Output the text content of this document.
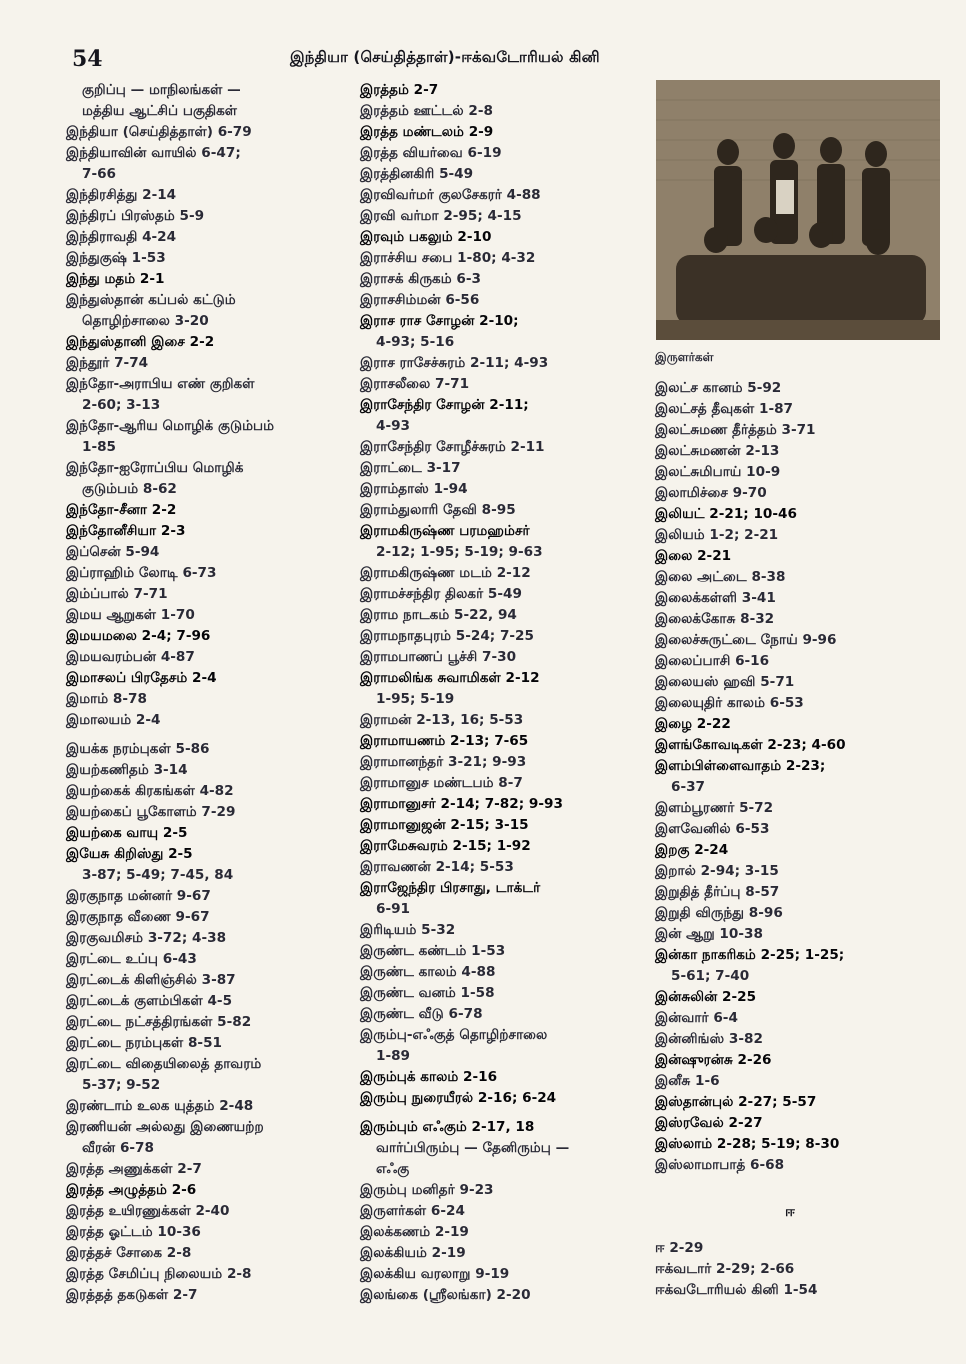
54	இந்தியா (செய்தித்தாள்)-ஈக்வடோரியல் கினி
குறிப்பு — மாநிலங்கள் —
மத்திய ஆட்சிப் பகுதிகள்
இந்தியா (செய்தித்தாள்) 6-79
இந்தியாவின் வாயில் 6-47;
7-66
இந்திரசித்து 2-14
இந்திரப் பிரஸ்தம் 5-9
இந்திராவதி 4-24
இந்துகுஷ் 1-53
இந்து மதம் 2-1
இந்துஸ்தான் கப்பல் கட்டும்
தொழிற்சாலை 3-20
இந்துஸ்தானி இசை 2-2
இந்தூர் 7-74
இந்தோ-அராபிய எண் குறிகள்
2-60; 3-13
இந்தோ-ஆரிய மொழிக் குடும்பம்
1-85
இந்தோ-ஐரோப்பிய மொழிக்
குடும்பம் 8-62
இந்தோ-சீனா 2-2
இந்தோனீசியா 2-3
இப்சென் 5-94
இப்ராஹிம் லோடி 6-73
இம்ப்பால் 7-71
இமய ஆறுகள் 1-70
இமயமலை 2-4; 7-96
இமயவரம்பன் 4-87
இமாசலப் பிரதேசம் 2-4
இமாம் 8-78
இமாலயம் 2-4
இயக்க நரம்புகள் 5-86
இயற்கணிதம் 3-14
இயற்கைக் கிரகங்கள் 4-82
இயற்கைப் பூகோளம் 7-29
இயற்கை வாயு 2-5
இயேசு கிறிஸ்து 2-5
3-87; 5-49; 7-45, 84
இரகுநாத மன்னர் 9-67
இரகுநாத வீணை 9-67
இரகுவமிசம் 3-72; 4-38
இரட்டை உப்பு 6-43
இரட்டைக் கிளிஞ்சில் 3-87
இரட்டைக் குளம்பிகள் 4-5
இரட்டை நட்சத்திரங்கள் 5-82
இரட்டை நரம்புகள் 8-51
இரட்டை விதையிலைத் தாவரம்
5-37; 9-52
இரண்டாம் உலக யுத்தம் 2-48
இரணியன் அல்லது இணையற்ற
வீரன் 6-78
இரத்த அணுக்கள் 2-7
இரத்த அழுத்தம் 2-6
இரத்த உயிரணுக்கள் 2-40
இரத்த ஓட்டம் 10-36
இரத்தச் சோகை 2-8
இரத்த சேமிப்பு நிலையம் 2-8
இரத்தத் தகடுகள் 2-7
இரத்தம் 2-7
இரத்தம் ஊட்டல் 2-8
இரத்த மண்டலம் 2-9
இரத்த வியர்வை 6-19
இரத்தினகிரி 5-49
இரவிவர்மர் குலசேகரர் 4-88
இரவி வர்மா 2-95; 4-15
இரவும் பகலும் 2-10
இராச்சிய சபை 1-80; 4-32
இராசக் கிருகம் 6-3
இராசசிம்மன் 6-56
இராச ராச சோழன் 2-10;
4-93; 5-16
இராச ராசேச்சுரம் 2-11; 4-93
இராசலீலை 7-71
இராசேந்திர சோழன் 2-11;
4-93
இராசேந்திர சோழீச்சுரம் 2-11
இராட்டை 3-17
இராம்தாஸ் 1-94
இராம்துலாரி தேவி 8-95
இராமகிருஷ்ண பரமஹம்சர்
2-12; 1-95; 5-19; 9-63
இராமகிருஷ்ண மடம் 2-12
இராமச்சந்திர திலகர் 5-49
இராம நாடகம் 5-22, 94
இராமநாதபுரம் 5-24; 7-25
இராமபாணப் பூச்சி 7-30
இராமலிங்க சுவாமிகள் 2-12
1-95; 5-19
இராமன் 2-13, 16; 5-53
இராமாயணம் 2-13; 7-65
இராமானந்தர் 3-21; 9-93
இராமானுச மண்டபம் 8-7
இராமானுசர் 2-14; 7-82; 9-93
இராமானுஜன் 2-15; 3-15
இராமேசுவரம் 2-15; 1-92
இராவணன் 2-14; 5-53
இராஜேந்திர பிரசாது, டாக்டர்
6-91
இரிடியம் 5-32
இருண்ட கண்டம் 1-53
இருண்ட காலம் 4-88
இருண்ட வனம் 1-58
இருண்ட வீடு 6-78
இரும்பு-எஃகுத் தொழிற்சாலை
1-89
இரும்புக் காலம் 2-16
இரும்பு நுரையீரல் 2-16; 6-24
இரும்பும் எஃகும் 2-17, 18
வார்ப்பிரும்பு — தேனிரும்பு —
எஃகு
இரும்பு மனிதர் 9-23
இருளர்கள் 6-24
இலக்கணம் 2-19
இலக்கியம் 2-19
இலக்கிய வரலாறு 9-19
இலங்கை (ஸ்ரீலங்கா) 2-20
இருளர்கள்
இலட்ச கானம் 5-92
இலட்சத் தீவுகள் 1-87
இலட்சுமண தீர்த்தம் 3-71
இலட்சுமணன் 2-13
இலட்சுமிபாய் 10-9
இலாமிச்சை 9-70
இலியட் 2-21; 10-46
இலியம் 1-2; 2-21
இலை 2-21
இலை அட்டை 8-38
இலைக்கள்ளி 3-41
இலைக்கோசு 8-32
இலைச்சுருட்டை நோய் 9-96
இலைப்பாசி 6-16
இலையஸ் ஹவி 5-71
இலையுதிர் காலம் 6-53
இழை 2-22
இளங்கோவடிகள் 2-23; 4-60
இளம்பிள்ளைவாதம் 2-23;
6-37
இளம்பூரணர் 5-72
இளவேனில் 6-53
இறகு 2-24
இறால் 2-94; 3-15
இறுதித் தீர்ப்பு 8-57
இறுதி விருந்து 8-96
இன் ஆறு 10-38
இன்கா நாகரிகம் 2-25; 1-25;
5-61; 7-40
இன்சுலின் 2-25
இன்வார் 6-4
இன்னிங்ஸ் 3-82
இன்ஷுரன்சு 2-26
இனீசு 1-6
இஸ்தான்புல் 2-27; 5-57
இஸ்ரவேல் 2-27
இஸ்லாம் 2-28; 5-19; 8-30
இஸ்லாமாபாத் 6-68
ஈ
ஈ 2-29
ஈக்வடார் 2-29; 2-66
ஈக்வடோரியல் கினி 1-54
